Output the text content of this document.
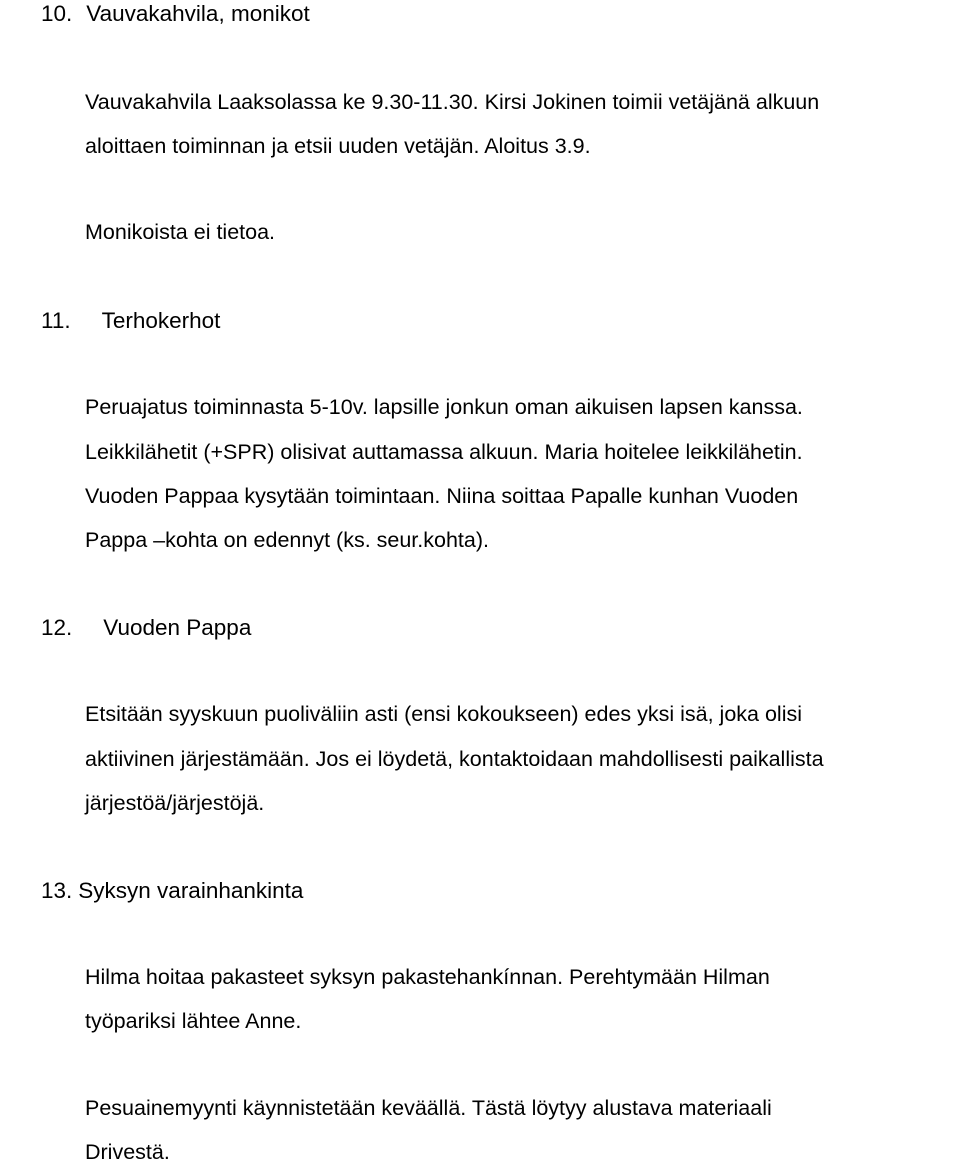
10. Vauvakahvila, monikot
Vauvakahvila Laaksolassa ke 9.30-11.30. Kirsi Jokinen toimii vetäjänä alkuun
aloittaen toiminnan ja etsii uuden vetäjän. Aloitus 3.9.
Monikoista ei tietoa.
11. Terhokerhot
Peruajatus toiminnasta 5-10v. lapsille jonkun oman aikuisen lapsen kanssa.
Leikkilähetit (+SPR) olisivat auttamassa alkuun. Maria hoitelee leikkilähetin.
Vuoden Pappaa kysytään toimintaan. Niina soittaa Papalle kunhan Vuoden
Pappa –kohta on edennyt (ks. seur.kohta).
12. Vuoden Pappa
Etsitään syyskuun puoliväliin asti (ensi kokoukseen) edes yksi isä, joka olisi
aktiivinen järjestämään. Jos ei löydetä, kontaktoidaan mahdollisesti paikallista
järjestöä/järjestöjä.
13. Syksyn varainhankinta
Hilma hoitaa pakasteet syksyn pakastehankínnan. Perehtymään Hilman
työpariksi lähtee Anne.
Pesuainemyynti käynnistetään keväällä. Tästä löytyy alustava materiaali
Drivestä.
